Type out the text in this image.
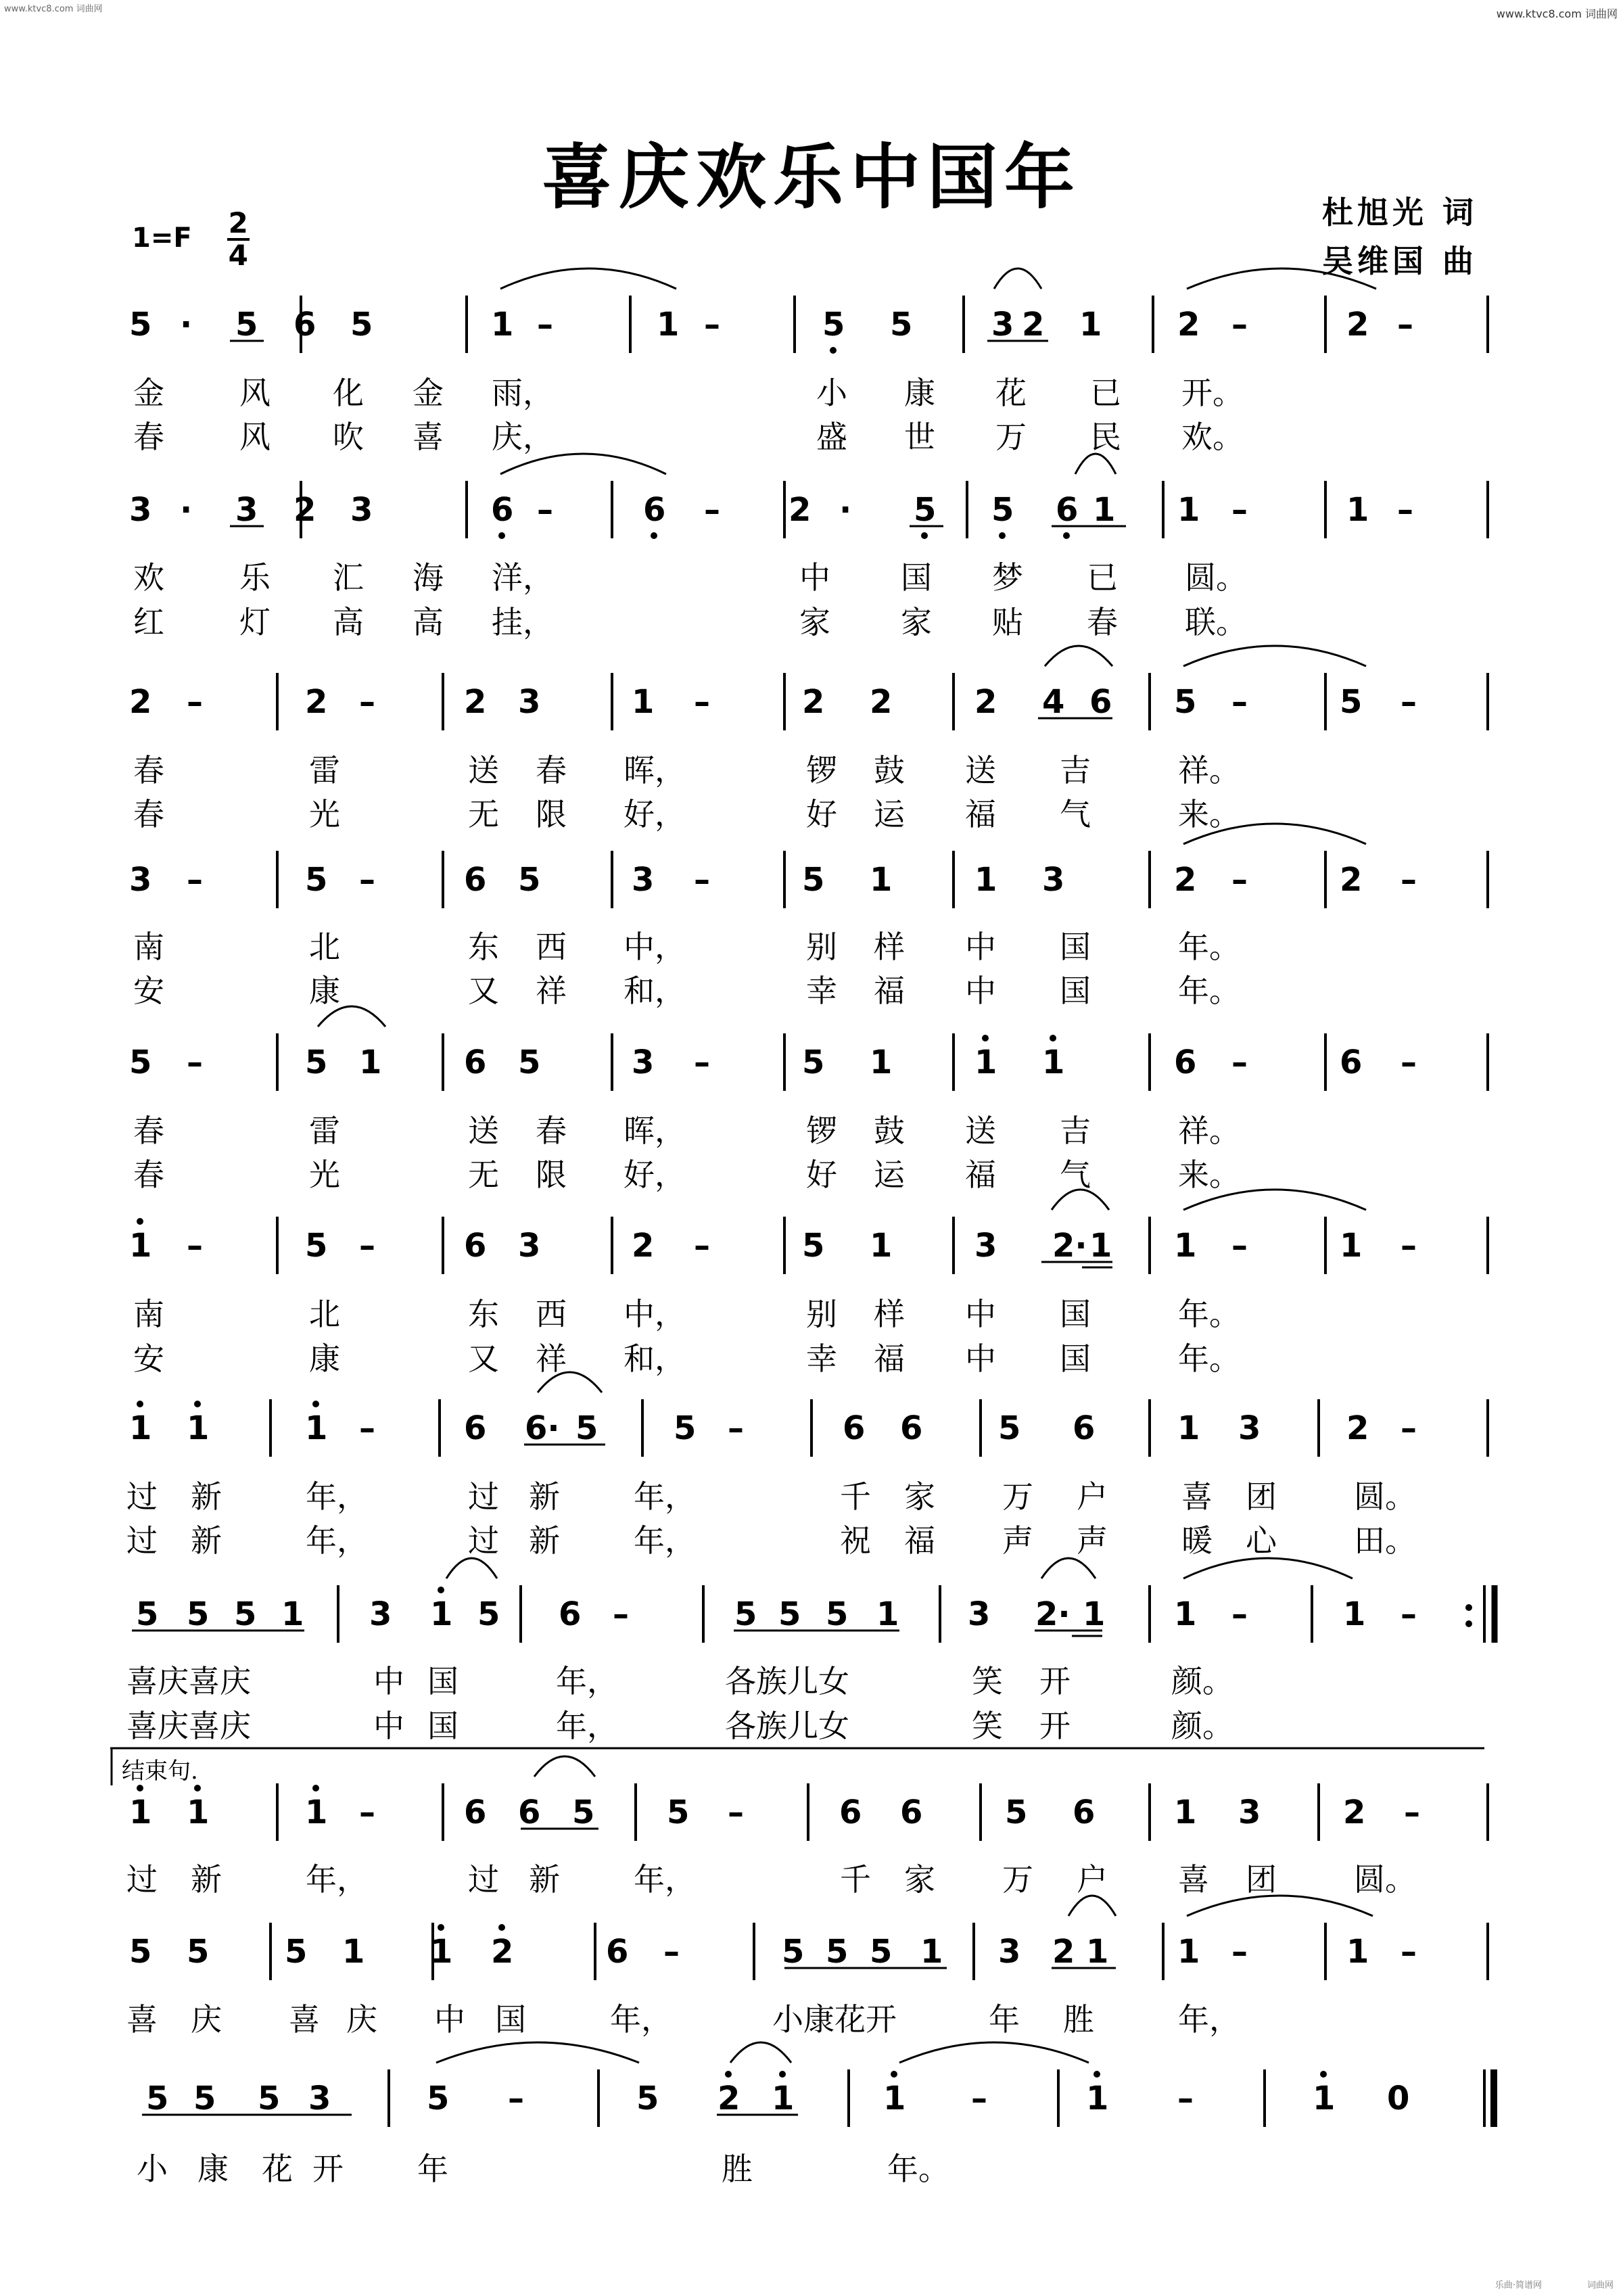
www.ktvc8.com 词曲网	www.ktvc8.com 词曲网
喜庆欢乐中国年
$1=F \frac{2}{4}$	杜旭光 词
吴维国 曲
5 · 5 6 5	1 –	1 –	5 5 3 2 1 2 –	2 –
金 风 化 金 雨，	小 康 花 已 开。
春 风 吹 喜 庆，	盛 世 万 民 欢。
3 · 3 2 3	6 –	6 – 2 · 5 5 6 1 1 –	1 –
欢 乐 汇 海 洋，	中 国 梦 已 圆。
红 灯 高 高 挂，	家 家 贴 春 联。
2 –	2 –	2 3	1 –	2 2	2 4 6 5 –	5 –
春	雷	送 春 晖，	锣 鼓 送 吉	祥。
春	光	无 限 好，	好 运 福 气	来。
3 –	5 –	6 5	3 –	5 1	1 3	2 –	2 –
南	北	东 西 中，	别 样 中 国	年。
安	康	又 祥 和，	幸 福 中 国	年。
5 –	5 1	6 5	3 –	5 1	1 1	6 –	6 –
春	雷	送 春 晖，	锣 鼓 送 吉	祥。
春	光	无 限 好，	好 运 福 气	来。
1 –	5 –	6 3	2 –	5 1	3 2· 1 1 –	1 –
南	北	东 西 中，	别 样 中 国	年。
安	康	又 祥 和，	幸 福 中 国	年。
1 1	1 –	6 6· 5 5 –	6 6 5 6	1 3	2 –
过 新	年，	过 新 年，	千 家 万 户 喜 团 圆。
过 新	年，	过 新 年，	祝 福 声 声 暖 心 田。
5 5 5 1 3 1 5 6 –	5 5 5 1 3 2· 1 1 –	1 –
喜庆喜庆	中 国	年，	各族儿女	笑 开	颜。
喜庆喜庆	中 国	年，	各族儿女	笑 开	颜。
结束句.
1 1	1 –	6 6 5 5 –	6 6	5 6 1 3	2 –
过 新	年，	过 新 年，	千 家 万 户 喜 团 圆。
5 5 5 1 1 2	6 –	5 5 5 1 3 2 1 1 –	1 –
喜 庆 喜 庆 中 国	年，	小康花开	年 胜	年，
5 5 5 3	5 –	5 2 1	1 –	1 –	1 0
小 康 花 开 年	胜	年。
乐曲·简谱网	词曲网
